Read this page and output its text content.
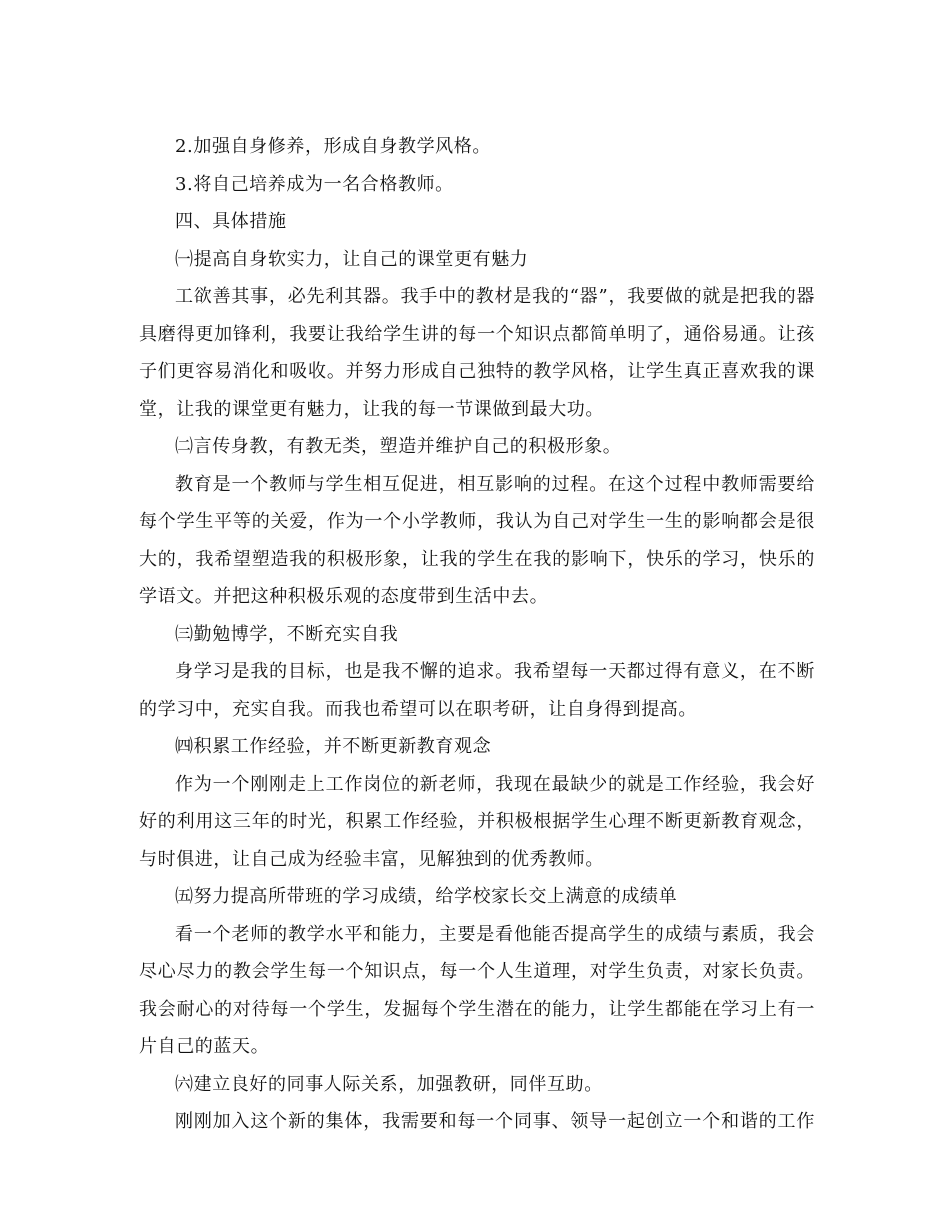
2.加强自身修养，形成自身教学风格。
3.将自己培养成为一名合格教师。
四、具体措施
㈠提高自身软实力，让自己的课堂更有魅力
工欲善其事，必先利其器。我手中的教材是我的“器”，我要做的就是把我的器
具磨得更加锋利，我要让我给学生讲的每一个知识点都简单明了，通俗易通。让孩
子们更容易消化和吸收。并努力形成自己独特的教学风格，让学生真正喜欢我的课
堂，让我的课堂更有魅力，让我的每一节课做到最大功。
㈡言传身教，有教无类，塑造并维护自己的积极形象。
教育是一个教师与学生相互促进，相互影响的过程。在这个过程中教师需要给
每个学生平等的关爱，作为一个小学教师，我认为自己对学生一生的影响都会是很
大的，我希望塑造我的积极形象，让我的学生在我的影响下，快乐的学习，快乐的
学语文。并把这种积极乐观的态度带到生活中去。
㈢勤勉博学，不断充实自我
身学习是我的目标，也是我不懈的追求。我希望每一天都过得有意义，在不断
的学习中，充实自我。而我也希望可以在职考研，让自身得到提高。
㈣积累工作经验，并不断更新教育观念
作为一个刚刚走上工作岗位的新老师，我现在最缺少的就是工作经验，我会好
好的利用这三年的时光，积累工作经验，并积极根据学生心理不断更新教育观念，
与时俱进，让自己成为经验丰富，见解独到的优秀教师。
㈤努力提高所带班的学习成绩，给学校家长交上满意的成绩单
看一个老师的教学水平和能力，主要是看他能否提高学生的成绩与素质，我会
尽心尽力的教会学生每一个知识点，每一个人生道理，对学生负责，对家长负责。
我会耐心的对待每一个学生，发掘每个学生潜在的能力，让学生都能在学习上有一
片自己的蓝天。
㈥建立良好的同事人际关系，加强教研，同伴互助。
刚刚加入这个新的集体，我需要和每一个同事、领导一起创立一个和谐的工作
